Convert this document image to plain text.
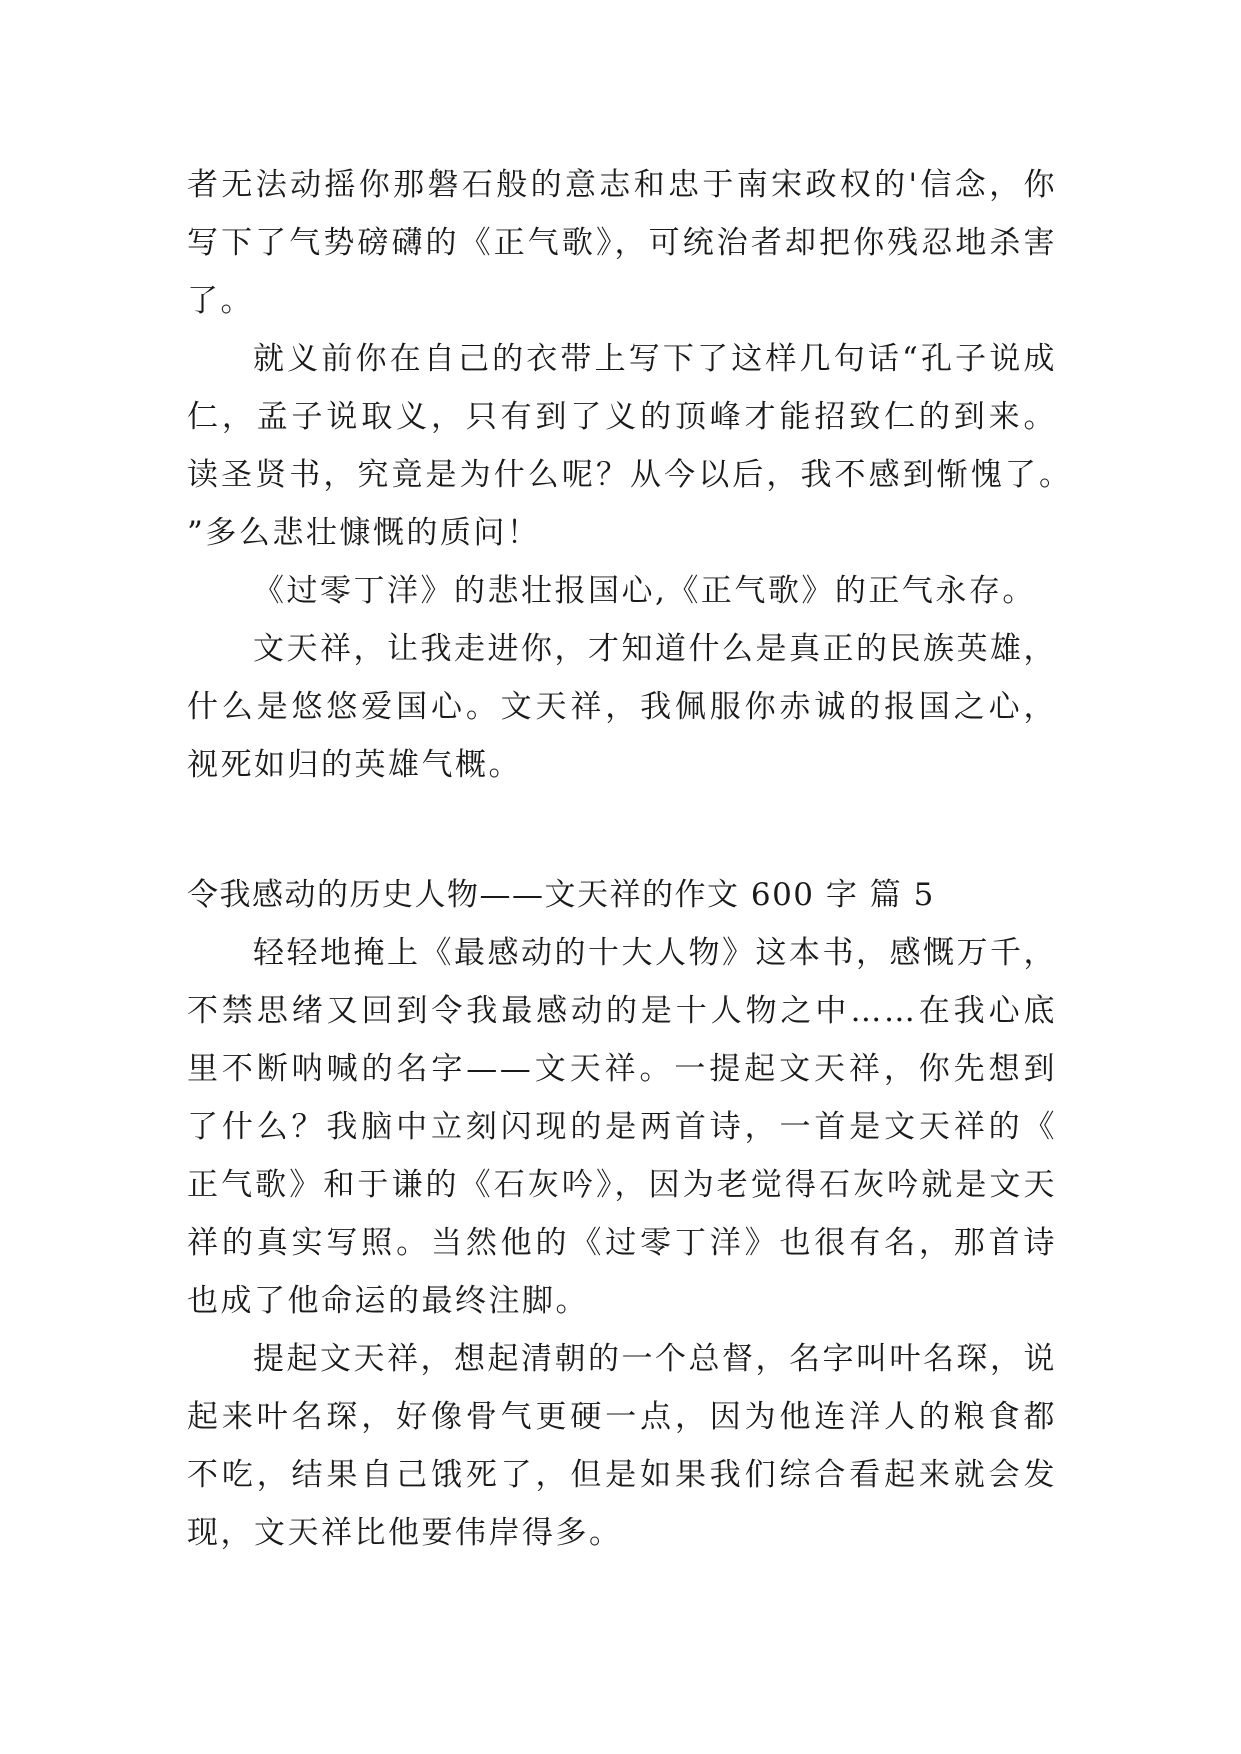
者无法动摇你那磐石般的意志和忠于南宋政权的'信念，你写下了气势磅礴的《正气歌》，可统治者却把你残忍地杀害了。

就义前你在自己的衣带上写下了这样几句话“孔子说成仁，孟子说取义，只有到了义的顶峰才能招致仁的到来。读圣贤书，究竟是为什么呢？从今以后，我不感到惭愧了。”多么悲壮慷慨的质问！

《过零丁洋》的悲壮报国心,《正气歌》的正气永存。

文天祥，让我走进你，才知道什么是真正的民族英雄，什么是悠悠爱国心。文天祥，我佩服你赤诚的报国之心，视死如归的英雄气概。

令我感动的历史人物——文天祥的作文 600 字 篇 5

轻轻地掩上《最感动的十大人物》这本书，感慨万千，不禁思绪又回到令我最感动的是十人物之中……在我心底里不断呐喊的名字——文天祥。一提起文天祥，你先想到了什么？我脑中立刻闪现的是两首诗，一首是文天祥的《正气歌》和于谦的《石灰吟》，因为老觉得石灰吟就是文天祥的真实写照。当然他的《过零丁洋》也很有名，那首诗也成了他命运的最终注脚。

提起文天祥，想起清朝的一个总督，名字叫叶名琛，说起来叶名琛，好像骨气更硬一点，因为他连洋人的粮食都不吃，结果自己饿死了，但是如果我们综合看起来就会发现，文天祥比他要伟岸得多。
